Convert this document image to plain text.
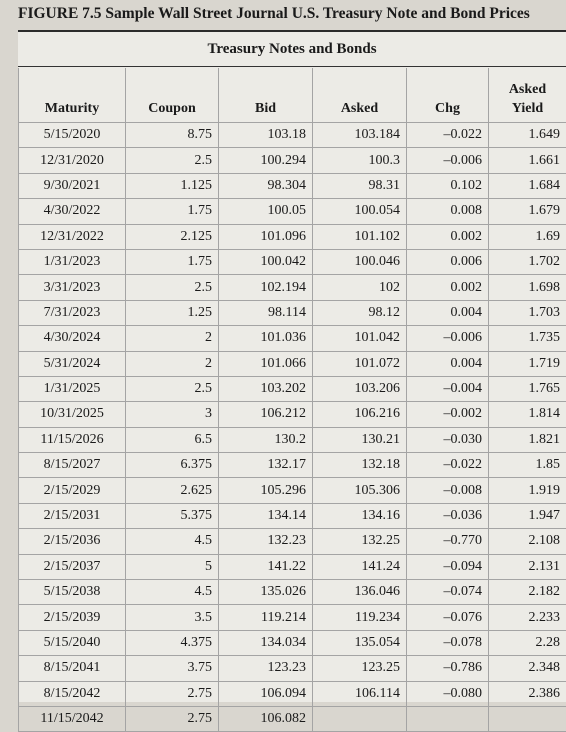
FIGURE 7.5 Sample Wall Street Journal U.S. Treasury Note and Bond Prices
Treasury Notes and Bonds
Maturity	Coupon	Bid	Asked	Chg	Asked Yield
5/15/2020	8.75	103.18	103.184	–0.022	1.649
12/31/2020	2.5	100.294	100.3	–0.006	1.661
9/30/2021	1.125	98.304	98.31	0.102	1.684
4/30/2022	1.75	100.05	100.054	0.008	1.679
12/31/2022	2.125	101.096	101.102	0.002	1.69
1/31/2023	1.75	100.042	100.046	0.006	1.702
3/31/2023	2.5	102.194	102	0.002	1.698
7/31/2023	1.25	98.114	98.12	0.004	1.703
4/30/2024	2	101.036	101.042	–0.006	1.735
5/31/2024	2	101.066	101.072	0.004	1.719
1/31/2025	2.5	103.202	103.206	–0.004	1.765
10/31/2025	3	106.212	106.216	–0.002	1.814
11/15/2026	6.5	130.2	130.21	–0.030	1.821
8/15/2027	6.375	132.17	132.18	–0.022	1.85
2/15/2029	2.625	105.296	105.306	–0.008	1.919
2/15/2031	5.375	134.14	134.16	–0.036	1.947
2/15/2036	4.5	132.23	132.25	–0.770	2.108
2/15/2037	5	141.22	141.24	–0.094	2.131
5/15/2038	4.5	135.026	136.046	–0.074	2.182
2/15/2039	3.5	119.214	119.234	–0.076	2.233
5/15/2040	4.375	134.034	135.054	–0.078	2.28
8/15/2041	3.75	123.23	123.25	–0.786	2.348
8/15/2042	2.75	106.094	106.114	–0.080	2.386
11/15/2042	2.75	106.082			
